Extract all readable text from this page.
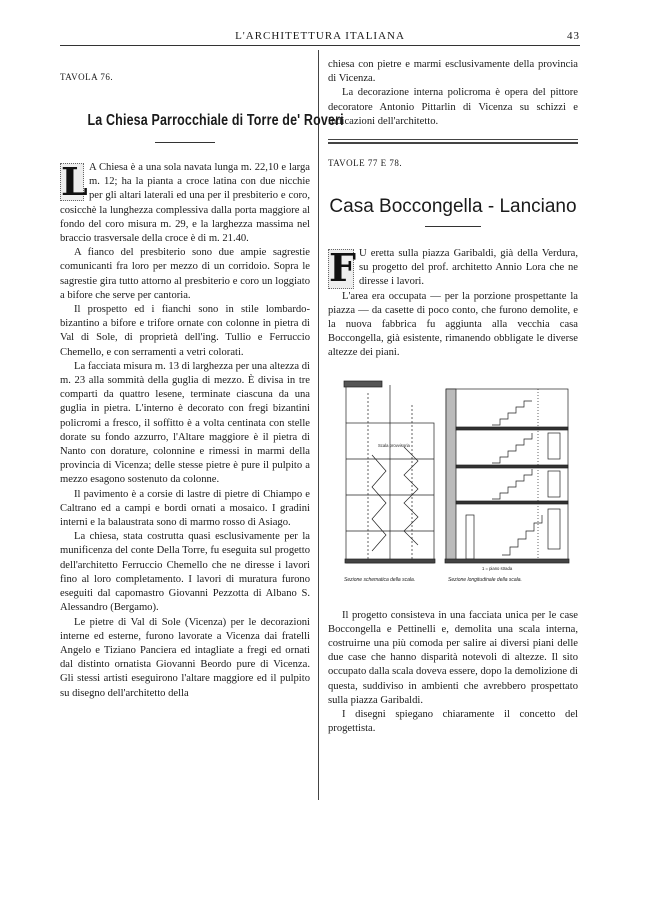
L'ARCHITETTURA ITALIANA	43
TAVOLA 76.
La Chiesa Parrocchiale di Torre de' Roveri

L A Chiesa è a una sola navata lunga m. 22,10 e larga m. 12; ha la pianta a croce latina con due nicchie per gli altari laterali ed una per il presbiterio e coro, cosicchè la lunghezza complessiva dalla porta maggiore al fondo del coro misura m. 29, e la larghezza massima nel braccio trasversale della croce è di m. 21.40.

A fianco del presbiterio sono due ampie sagrestie comunicanti fra loro per mezzo di un corridoio. Sopra le sagrestie gira tutto attorno al presbiterio e coro un loggiato a bifore che serve per cantoria.

Il prospetto ed i fianchi sono in stile lombardo-bizantino a bifore e trifore ornate con colonne in pietra di Val di Sole, di proprietà dell'ing. Tullio e Ferruccio Chemello, e con serramenti a vetri colorati.

La facciata misura m. 13 di larghezza per una altezza di m. 23 alla sommità della guglia di mezzo. È divisa in tre comparti da quattro lesene, terminate ciascuna da una guglia in pietra. L'interno è decorato con fregi bizantini policromi a fresco, il soffitto è a volta centinata con stelle dorate su fondo azzurro, l'Altare maggiore è il pietra di Nanto con dorature, colonnine e rimessi in marmi della provincia di Vicenza; delle stesse pietre è pure il pulpito a mezzo esagono sostenuto da colonne.

Il pavimento è a corsie di lastre di pietre di Chiampo e Caltrano ed a campi e bordi ornati a mosaico. I gradini interni e la balaustrata sono di marmo rosso di Asiago.

La chiesa, stata costrutta quasi esclusivamente per la munificenza del conte Della Torre, fu eseguita sul progetto dell'architetto Ferruccio Chemello che ne diresse i lavori fino al loro completamento. I lavori di muratura furono eseguiti dal capomastro Giovanni Pezzotta di Albano S. Alessandro (Bergamo).

Le pietre di Val di Sole (Vicenza) per le decorazioni interne ed esterne, furono lavorate a Vicenza dai fratelli Angelo e Tiziano Panciera ed intagliate a fregi ed ornati dal distinto ornatista Giovanni Beordo pure di Vicenza. Gli stessi artisti eseguirono l'altare maggiore ed il pulpito su disegno dell'architetto della

chiesa con pietre e marmi esclusivamente della provincia di Vicenza.

La decorazione interna policroma è opera del pittore decoratore Antonio Pittarlin di Vicenza su schizzi e indicazioni dell'architetto.

TAVOLE 77 E 78.
Casa Boccongella - Lanciano

F U eretta sulla piazza Garibaldi, già della Verdura, su progetto del prof. architetto Annio Lora che ne diresse i lavori.

L'area era occupata — per la porzione prospettante la piazza — da casette di poco conto, che furono demolite, e la nuova fabbrica fu aggiunta alla vecchia casa Boccongella, già esistente, rimanendo obbligate le diverse altezze dei piani.

Scala provvisoria
1 = piano strada
Sezione schematica della scala.	Sezione longitudinale della scala.

Il progetto consisteva in una facciata unica per le case Boccongella e Pettinelli e, demolita una scala interna, costruirne una più comoda per salire ai diversi piani delle due case che hanno disparità notevoli di altezze. Il sito occupato dalla scala doveva essere, dopo la demolizione di questa, suddiviso in ambienti che avrebbero prospettato sulla piazza Garibaldi.

I disegni spiegano chiaramente il concetto del progettista.
